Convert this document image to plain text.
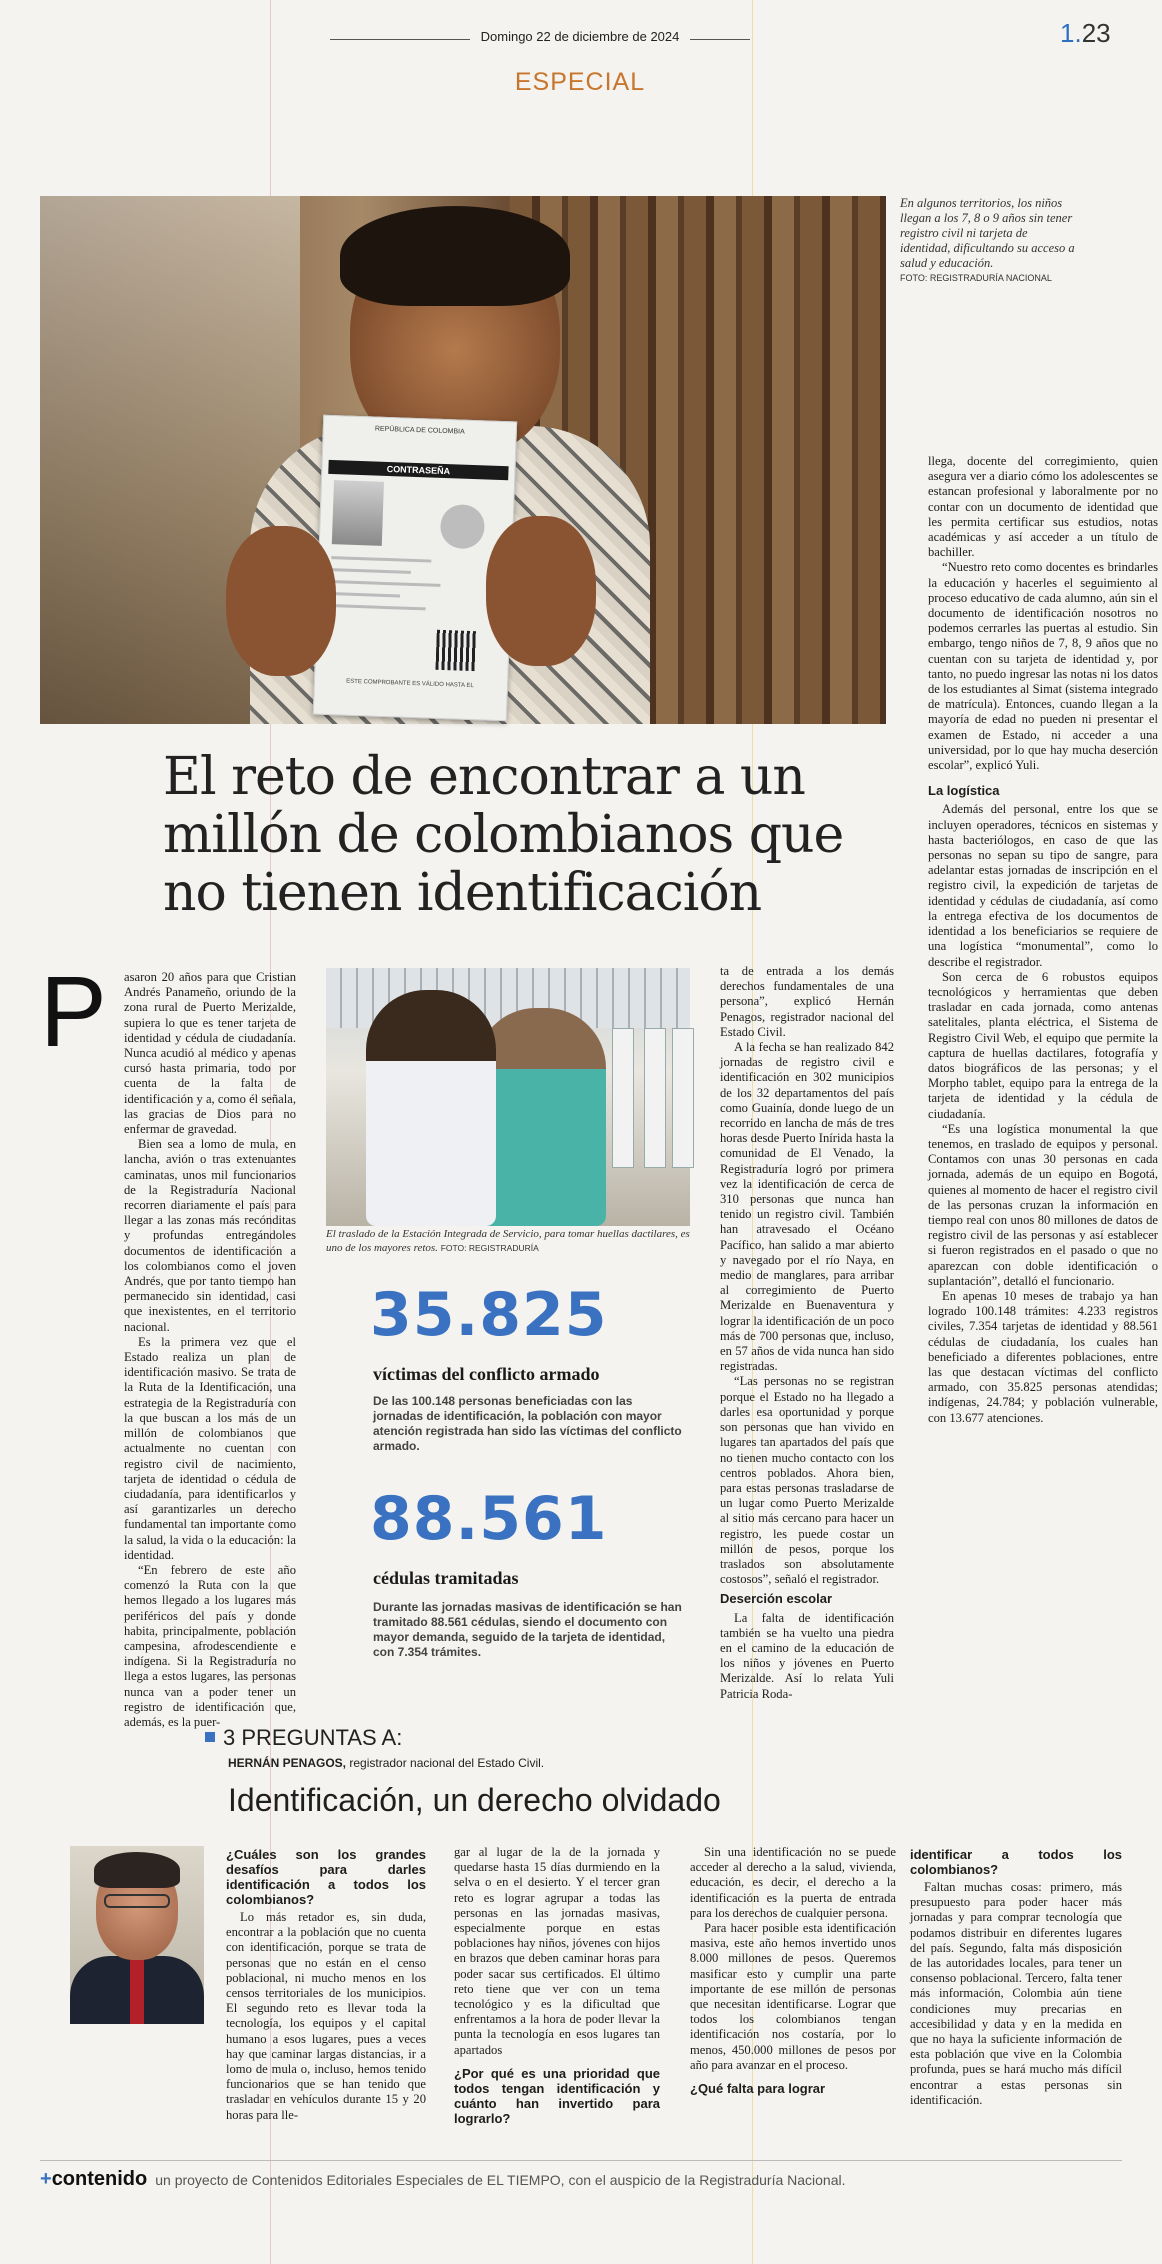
Domingo 22 de diciembre de 2024	1.23
ESPECIAL
REPÚBLICA DE COLOMBIA
CONTRASEÑA
ESTE COMPROBANTE ES VÁLIDO HASTA EL
En algunos territorios, los niños llegan a los 7, 8 o 9 años sin tener registro civil ni tarjeta de identidad, dificultando su acceso a salud y educación.
FOTO: REGISTRADURÍA NACIONAL
El reto de encontrar a un millón de colombianos que no tienen identificación
P asaron 20 años para que Cristian Andrés Panameño, oriundo de la zona rural de Puerto Merizalde, supiera lo que es tener tarjeta de identidad y cédula de ciudadanía. Nunca acudió al médico y apenas cursó hasta primaria, todo por cuenta de la falta de identificación y a, como él señala, las gracias de Dios para no enfermar de gravedad.

Bien sea a lomo de mula, en lancha, avión o tras extenuantes caminatas, unos mil funcionarios de la Registraduría Nacional recorren diariamente el país para llegar a las zonas más recónditas y profundas entregándoles documentos de identificación a los colombianos como el joven Andrés, que por tanto tiempo han permanecido sin identidad, casi que inexistentes, en el territorio nacional.

Es la primera vez que el Estado realiza un plan de identificación masivo. Se trata de la Ruta de la Identificación, una estrategia de la Registraduría con la que buscan a los más de un millón de colombianos que actualmente no cuentan con registro civil de nacimiento, tarjeta de identidad o cédula de ciudadanía, para identificarlos y así garantizarles un derecho fundamental tan importante como la salud, la vida o la educación: la identidad.

“En febrero de este año comenzó la Ruta con la que hemos llegado a los lugares más periféricos del país y donde habita, principalmente, población campesina, afrodescendiente e indígena. Si la Registraduría no llega a estos lugares, las personas nunca van a poder tener un registro de identificación que, además, es la puer-

El traslado de la Estación Integrada de Servicio, para tomar huellas dactilares, es uno de los mayores retos. FOTO: REGISTRADURÍA
35.825
víctimas del conflicto armado
De las 100.148 personas beneficiadas con las jornadas de identificación, la población con mayor atención registrada han sido las víctimas del conflicto armado.
88.561
cédulas tramitadas
Durante las jornadas masivas de identificación se han tramitado 88.561 cédulas, siendo el documento con mayor demanda, seguido de la tarjeta de identidad, con 7.354 trámites.

ta de entrada a los demás derechos fundamentales de una persona”, explicó Hernán Penagos, registrador nacional del Estado Civil.

A la fecha se han realizado 842 jornadas de registro civil e identificación en 302 municipios de los 32 departamentos del país como Guainía, donde luego de un recorrido en lancha de más de tres horas desde Puerto Inírida hasta la comunidad de El Venado, la Registraduría logró por primera vez la identificación de cerca de 310 personas que nunca han tenido un registro civil. También han atravesado el Océano Pacífico, han salido a mar abierto y navegado por el río Naya, en medio de manglares, para arribar al corregimiento de Puerto Merizalde en Buenaventura y lograr la identificación de un poco más de 700 personas que, incluso, en 57 años de vida nunca han sido registradas.

“Las personas no se registran porque el Estado no ha llegado a darles esa oportunidad y porque son personas que han vivido en lugares tan apartados del país que no tienen mucho contacto con los centros poblados. Ahora bien, para estas personas trasladarse de un lugar como Puerto Merizalde al sitio más cercano para hacer un registro, les puede costar un millón de pesos, porque los traslados son absolutamente costosos”, señaló el registrador.

Deserción escolar

La falta de identificación también se ha vuelto una piedra en el camino de la educación de los niños y jóvenes en Puerto Merizalde. Así lo relata Yuli Patricia Roda-

llega, docente del corregimiento, quien asegura ver a diario cómo los adolescentes se estancan profesional y laboralmente por no contar con un documento de identidad que les permita certificar sus estudios, notas académicas y así acceder a un título de bachiller.

“Nuestro reto como docentes es brindarles la educación y hacerles el seguimiento al proceso educativo de cada alumno, aún sin el documento de identificación nosotros no podemos cerrarles las puertas al estudio. Sin embargo, tengo niños de 7, 8, 9 años que no cuentan con su tarjeta de identidad y, por tanto, no puedo ingresar las notas ni los datos de los estudiantes al Simat (sistema integrado de matrícula). Entonces, cuando llegan a la mayoría de edad no pueden ni presentar el examen de Estado, ni acceder a una universidad, por lo que hay mucha deserción escolar”, explicó Yuli.

La logística

Además del personal, entre los que se incluyen operadores, técnicos en sistemas y hasta bacteriólogos, en caso de que las personas no sepan su tipo de sangre, para adelantar estas jornadas de inscripción en el registro civil, la expedición de tarjetas de identidad y cédulas de ciudadanía, así como la entrega efectiva de los documentos de identidad a los beneficiarios se requiere de una logística “monumental”, como lo describe el registrador.

Son cerca de 6 robustos equipos tecnológicos y herramientas que deben trasladar en cada jornada, como antenas satelitales, planta eléctrica, el Sistema de Registro Civil Web, el equipo que permite la captura de huellas dactilares, fotografía y datos biográficos de las personas; y el Morpho tablet, equipo para la entrega de la tarjeta de identidad y la cédula de ciudadanía.

“Es una logística monumental la que tenemos, en traslado de equipos y personal. Contamos con unas 30 personas en cada jornada, además de un equipo en Bogotá, quienes al momento de hacer el registro civil de las personas cruzan la información en tiempo real con unos 80 millones de datos de registro civil de las personas y así establecer si fueron registrados en el pasado o que no aparezcan con doble identificación o suplantación”, detalló el funcionario.

En apenas 10 meses de trabajo ya han logrado 100.148 trámites: 4.233 registros civiles, 7.354 tarjetas de identidad y 88.561 cédulas de ciudadanía, los cuales han beneficiado a diferentes poblaciones, entre las que destacan víctimas del conflicto armado, con 35.825 personas atendidas; indígenas, 24.784; y población vulnerable, con 13.677 atenciones.

3 PREGUNTAS A:
HERNÁN PENAGOS, registrador nacional del Estado Civil.
Identificación, un derecho olvidado

¿Cuáles son los grandes desafíos para darles identificación a todos los colombianos?

Lo más retador es, sin duda, encontrar a la población que no cuenta con identificación, porque se trata de personas que no están en el censo poblacional, ni mucho menos en los censos territoriales de los municipios. El segundo reto es llevar toda la tecnología, los equipos y el capital humano a esos lugares, pues a veces hay que caminar largas distancias, ir a lomo de mula o, incluso, hemos tenido funcionarios que se han tenido que trasladar en vehículos durante 15 y 20 horas para lle-

gar al lugar de la de la jornada y quedarse hasta 15 días durmiendo en la selva o en el desierto. Y el tercer gran reto es lograr agrupar a todas las personas en las jornadas masivas, especialmente porque en estas poblaciones hay niños, jóvenes con hijos en brazos que deben caminar horas para poder sacar sus certificados. El último reto tiene que ver con un tema tecnológico y es la dificultad que enfrentamos a la hora de poder llevar la punta la tecnología en esos lugares tan apartados

¿Por qué es una prioridad que todos tengan identificación y cuánto han invertido para lograrlo?

Sin una identificación no se puede acceder al derecho a la salud, vivienda, educación, es decir, el derecho a la identificación es la puerta de entrada para los derechos de cualquier persona.

Para hacer posible esta identificación masiva, este año hemos invertido unos 8.000 millones de pesos. Queremos masificar esto y cumplir una parte importante de ese millón de personas que necesitan identificarse. Lograr que todos los colombianos tengan identificación nos costaría, por lo menos, 450.000 millones de pesos por año para avanzar en el proceso.

¿Qué falta para lograr

identificar a todos los colombianos?

Faltan muchas cosas: primero, más presupuesto para poder hacer más jornadas y para comprar tecnología que podamos distribuir en diferentes lugares del país. Segundo, falta más disposición de las autoridades locales, para tener un consenso poblacional. Tercero, falta tener más información, Colombia aún tiene condiciones muy precarias en accesibilidad y data y en la medida en que no haya la suficiente información de esta población que vive en la Colombia profunda, pues se hará mucho más difícil encontrar a estas personas sin identificación.

+contenido un proyecto de Contenidos Editoriales Especiales de EL TIEMPO, con el auspicio de la Registraduría Nacional.
